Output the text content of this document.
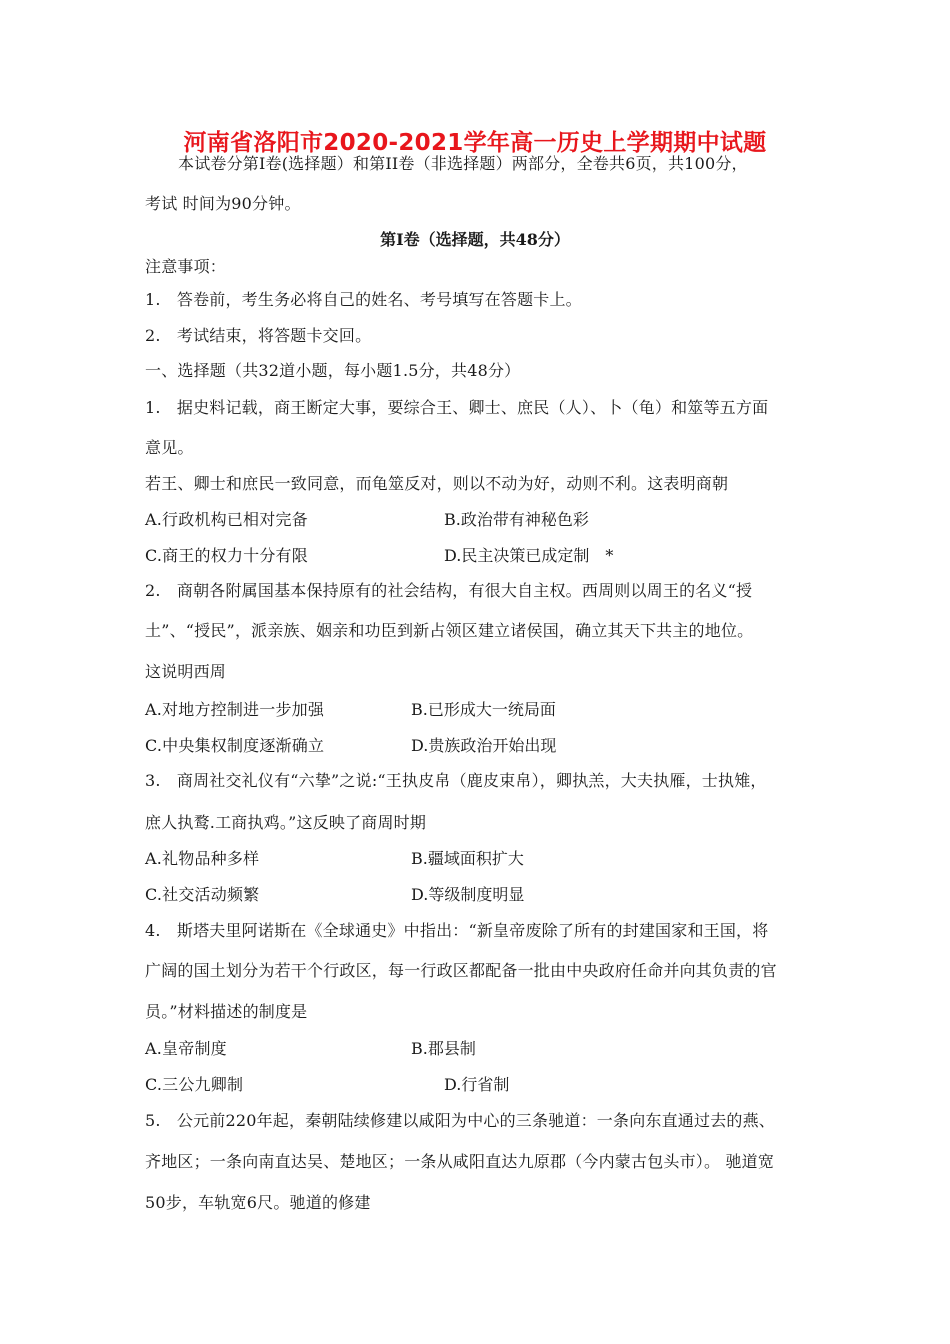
河南省洛阳市2020-2021学年高一历史上学期期中试题
本试卷分第Ⅰ卷(选择题）和第II卷（非选择题）两部分，全卷共6页，共100分，
考试 时间为90分钟。
第Ⅰ卷（选择题，共48分）
注意事项：
1.　答卷前，考生务必将自己的姓名、考号填写在答题卡上。
2.　考试结束，将答题卡交回。
一、选择题（共32道小题，每小题1.5分，共48分）
1.　据史料记载，商王断定大事，要综合王、卿士、庶民（人）、卜（龟）和筮等五方面
意见。
若王、卿士和庶民一致同意，而龟筮反对，则以不动为好，动则不利。这表明商朝
A.行政机构已相对完备	B.政治带有神秘色彩
C.商王的权力十分有限	D.民主决策已成定制　*
2.　商朝各附属国基本保持原有的社会结构，有很大自主权。西周则以周王的名义“授
土”、“授民”，派亲族、姻亲和功臣到新占领区建立诸侯国，确立其天下共主的地位。
这说明西周
A.对地方控制进一步加强	B.已形成大一统局面
C.中央集权制度逐渐确立	D.贵族政治开始出现
3.　商周社交礼仪有“六挚”之说:“王执皮帛（鹿皮束帛），卿执羔，大夫执雁，士执雉，
庶人执鹜.工商执鸡。”这反映了商周时期
A.礼物品种多样	B.疆域面积扩大
C.社交活动频繁	D.等级制度明显
4.　斯塔夫里阿诺斯在《全球通史》中指出：“新皇帝废除了所有的封建国家和王国，将
广阔的国土划分为若干个行政区，每一行政区都配备一批由中央政府任命并向其负责的官
员。”材料描述的制度是
A.皇帝制度	B.郡县制
C.三公九卿制	D.行省制
5.　公元前220年起，秦朝陆续修建以咸阳为中心的三条驰道：一条向东直通过去的燕、
齐地区；一条向南直达吴、楚地区；一条从咸阳直达九原郡（今内蒙古包头市）。 驰道宽
50步，车轨宽6尺。驰道的修建
